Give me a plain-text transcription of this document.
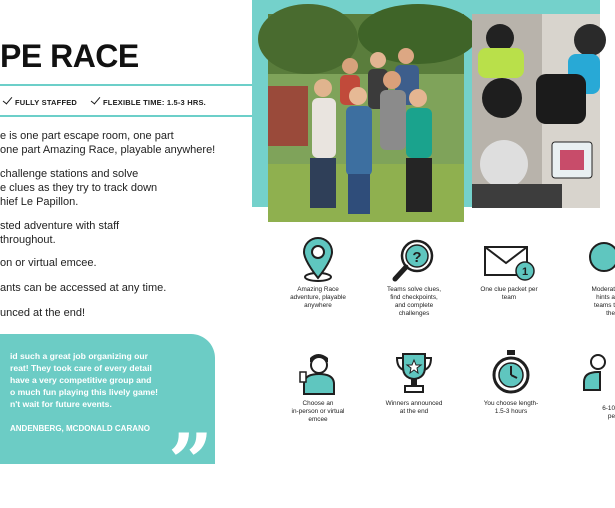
PE RACE
FULLY STAFFED	FLEXIBLE TIME: 1.5-3 HRS.
e is one part escape room, one part
one part Amazing Race, playable anywhere!
challenge stations and solve
e clues as they try to track down
hief Le Papillon.
sted adventure with staff
throughout.
on or virtual emcee.
ants can be accessed at any time.
unced at the end!
id such a great job organizing our
reat! They took care of every detail
have a very competitive group and
o much fun playing this lively game!
n't wait for future events.
ANDENBERG, MCDONALD CARANO ”
Amazing Race
adventure, playable
anywhere
?
Teams solve clues,
find checkpoints,
and complete
challenges
1
One clue packet per
team
Moderat
hints a
teams t
the
Choose an
in-person or virtual
emcee
Winners announced
at the end
You choose length-
1.5-3 hours	6-10
pe
